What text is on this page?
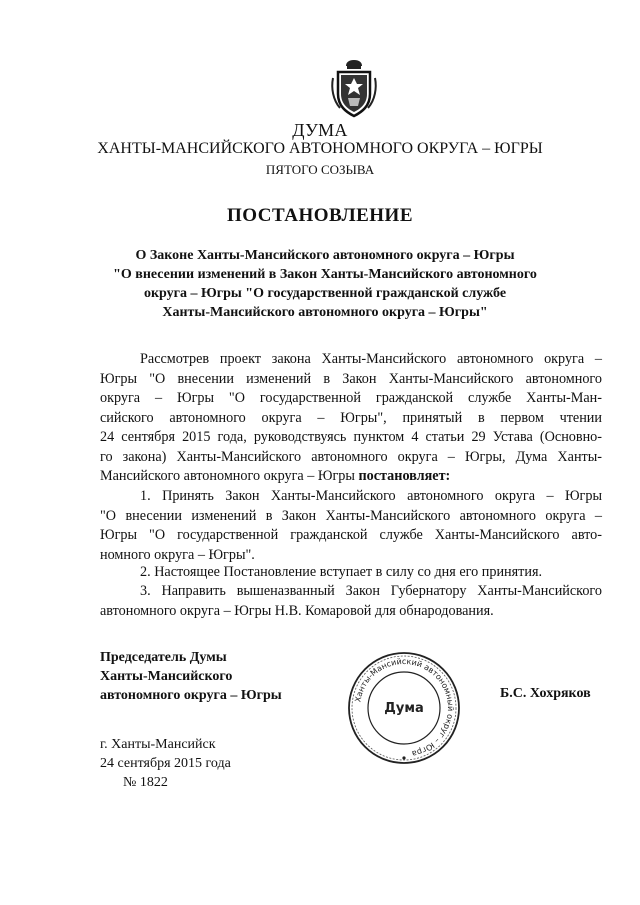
ДУМА
ХАНТЫ-МАНСИЙСКОГО АВТОНОМНОГО ОКРУГА – ЮГРЫ
ПЯТОГО СОЗЫВА
ПОСТАНОВЛЕНИЕ
О Законе Ханты-Мансийского автономного округа – Югры
"О внесении изменений в Закон Ханты-Мансийского автономного
округа – Югры "О государственной гражданской службе
Ханты-Мансийского автономного округа – Югры"
Рассмотрев проект закона Ханты-Мансийского автономного округа –
Югры "О внесении изменений в Закон Ханты-Мансийского автономного
округа – Югры "О государственной гражданской службе Ханты-Ман-
сийского автономного округа – Югры", принятый в первом чтении
24 сентября 2015 года, руководствуясь пунктом 4 статьи 29 Устава (Основно-
го закона) Ханты-Мансийского автономного округа – Югры, Дума Ханты-
Мансийского автономного округа – Югры постановляет:
1. Принять Закон Ханты-Мансийского автономного округа – Югры
"О внесении изменений в Закон Ханты-Мансийского автономного округа –
Югры "О государственной гражданской службе Ханты-Мансийского авто-
номного округа – Югры".
2. Настоящее Постановление вступает в силу со дня его принятия.
3. Направить вышеназванный Закон Губернатору Ханты-Мансийского
автономного округа – Югры Н.В. Комаровой для обнародования.
Председатель Думы
Ханты-Мансийского
автономного округа – Югры	Б.С. Хохряков
Ханты-Мансийский автономный округ – Югра
Дума
г. Ханты-Мансийск
24 сентября 2015 года
№ 1822
